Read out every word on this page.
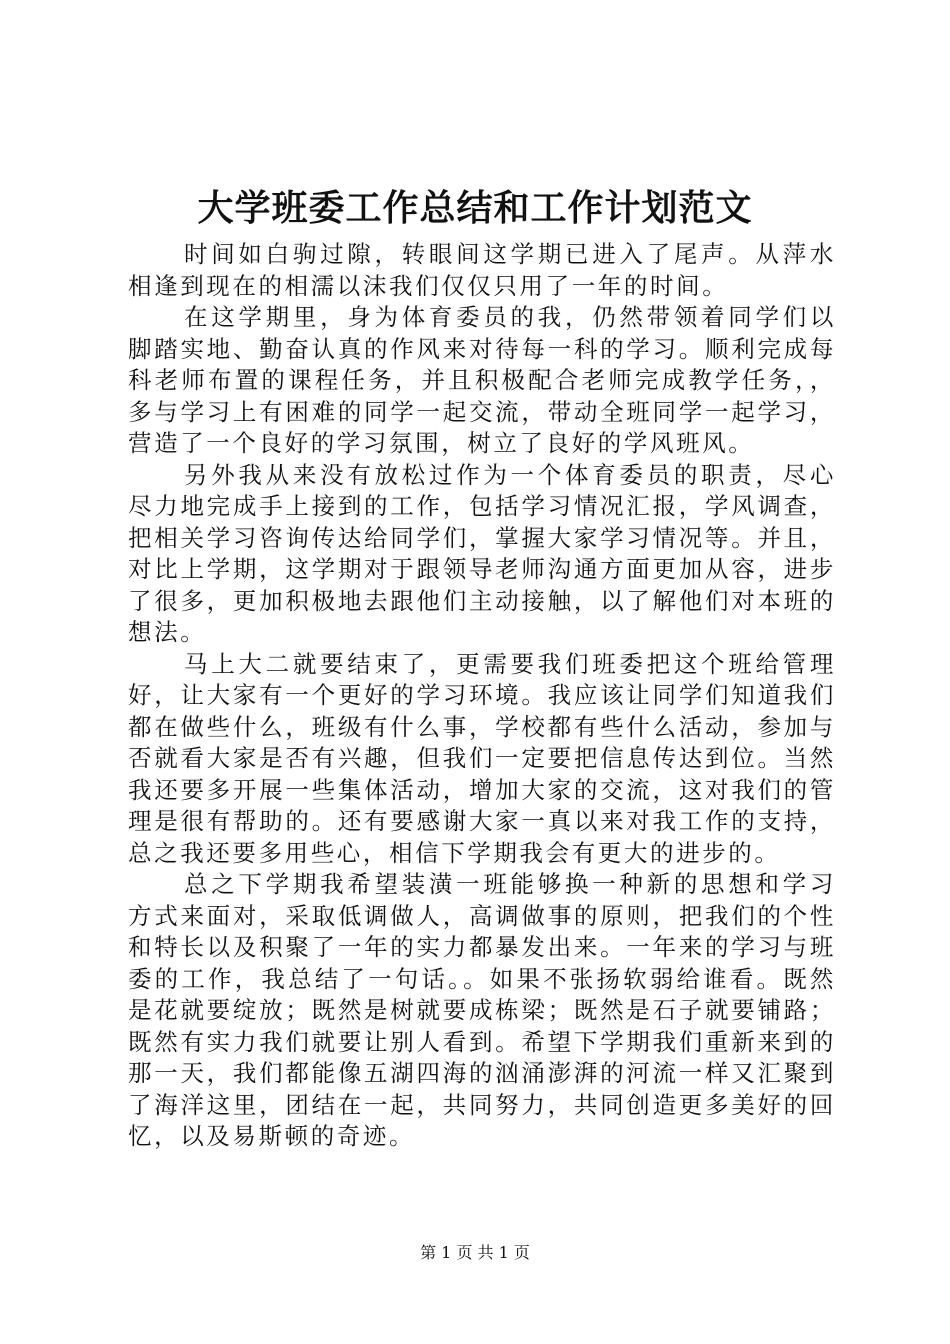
大学班委工作总结和工作计划范文

时间如白驹过隙，转眼间这学期已进入了尾声。从萍水相逢到现在的相濡以沫我们仅仅只用了一年的时间。

在这学期里，身为体育委员的我，仍然带领着同学们以脚踏实地、勤奋认真的作风来对待每一科的学习。顺利完成每科老师布置的课程任务，并且积极配合老师完成教学任务，，多与学习上有困难的同学一起交流，带动全班同学一起学习，营造了一个良好的学习氛围，树立了良好的学风班风。

另外我从来没有放松过作为一个体育委员的职责，尽心尽力地完成手上接到的工作，包括学习情况汇报，学风调查，把相关学习咨询传达给同学们，掌握大家学习情况等。并且，对比上学期，这学期对于跟领导老师沟通方面更加从容，进步了很多，更加积极地去跟他们主动接触，以了解他们对本班的想法。

马上大二就要结束了，更需要我们班委把这个班给管理好，让大家有一个更好的学习环境。我应该让同学们知道我们都在做些什么，班级有什么事，学校都有些什么活动，参加与否就看大家是否有兴趣，但我们一定要把信息传达到位。当然我还要多开展一些集体活动，增加大家的交流，这对我们的管理是很有帮助的。还有要感谢大家一真以来对我工作的支持，总之我还要多用些心，相信下学期我会有更大的进步的。

总之下学期我希望装潢一班能够换一种新的思想和学习方式来面对，采取低调做人，高调做事的原则，把我们的个性和特长以及积聚了一年的实力都暴发出来。一年来的学习与班委的工作，我总结了一句话。。如果不张扬软弱给谁看。既然是花就要绽放；既然是树就要成栋梁；既然是石子就要铺路；既然有实力我们就要让别人看到。希望下学期我们重新来到的那一天，我们都能像五湖四海的汹涌澎湃的河流一样又汇聚到了海洋这里，团结在一起，共同努力，共同创造更多美好的回忆，以及易斯顿的奇迹。

第 1 页 共 1 页
